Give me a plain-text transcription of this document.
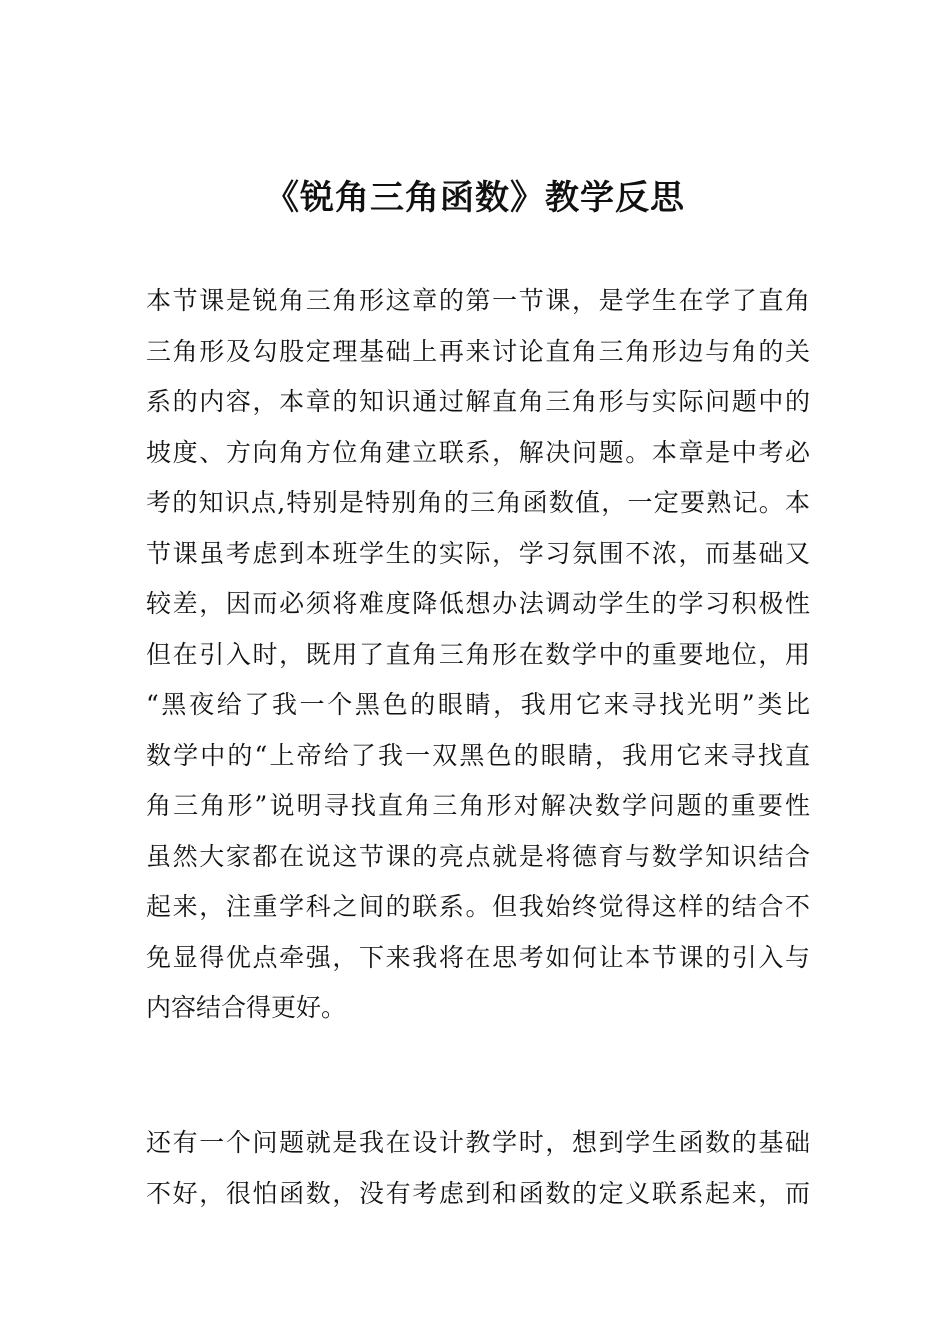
《锐角三角函数》教学反思
本节课是锐角三角形这章的第一节课，是学生在学了直角
三角形及勾股定理基础上再来讨论直角三角形边与角的关
系的内容，本章的知识通过解直角三角形与实际问题中的
坡度、方向角方位角建立联系，解决问题。本章是中考必
考的知识点,特别是特别角的三角函数值，一定要熟记。本
节课虽考虑到本班学生的实际，学习氛围不浓，而基础又
较差，因而必须将难度降低想办法调动学生的学习积极性
但在引入时，既用了直角三角形在数学中的重要地位，用
“黑夜给了我一个黑色的眼睛，我用它来寻找光明”类比
数学中的“上帝给了我一双黑色的眼睛，我用它来寻找直
角三角形”说明寻找直角三角形对解决数学问题的重要性
虽然大家都在说这节课的亮点就是将德育与数学知识结合
起来，注重学科之间的联系。但我始终觉得这样的结合不
免显得优点牵强，下来我将在思考如何让本节课的引入与
内容结合得更好。
还有一个问题就是我在设计教学时，想到学生函数的基础
不好，很怕函数，没有考虑到和函数的定义联系起来，而
